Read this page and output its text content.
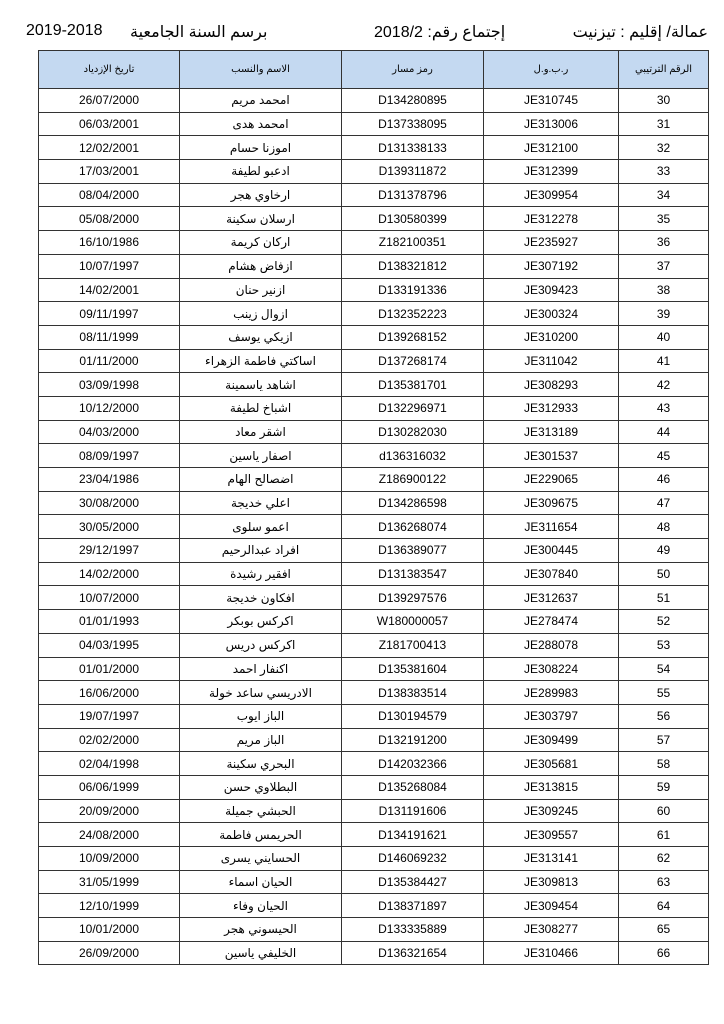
2019-2018 برسم السنة الجامعية	إجتماع رقم: 2018/2	عمالة/ إقليم : تيزنيت
تاريخ الإزدياد	الاسم والنسب	رمز مسار	ر.ب.و.ل	الرقم الترتيبي
26/07/2000	امحمد مريم	D134280895	JE310745	30
06/03/2001	امحمد هدى	D137338095	JE313006	31
12/02/2001	اموزنا حسام	D131338133	JE312100	32
17/03/2001	ادعبو لطيفة	D139311872	JE312399	33
08/04/2000	ارخاوي هجر	D131378796	JE309954	34
05/08/2000	ارسلان سكينة	D130580399	JE312278	35
16/10/1986	اركان كريمة	Z182100351	JE235927	36
10/07/1997	ازفاض هشام	D138321812	JE307192	37
14/02/2001	ازنير حنان	D133191336	JE309423	38
09/11/1997	ازوال زينب	D132352223	JE300324	39
08/11/1999	ازيكي يوسف	D139268152	JE310200	40
01/11/2000	اساكتي فاطمة الزهراء	D137268174	JE311042	41
03/09/1998	اشاهد ياسمينة	D135381701	JE308293	42
10/12/2000	اشباخ لطيفة	D132296971	JE312933	43
04/03/2000	اشقر معاد	D130282030	JE313189	44
08/09/1997	اصفار ياسين	d136316032	JE301537	45
23/04/1986	اضصالح الهام	Z186900122	JE229065	46
30/08/2000	اعلي خديجة	D134286598	JE309675	47
30/05/2000	اعمو سلوى	D136268074	JE311654	48
29/12/1997	افراد عبدالرحيم	D136389077	JE300445	49
14/02/2000	افقير رشيدة	D131383547	JE307840	50
10/07/2000	افكاون خديجة	D139297576	JE312637	51
01/01/1993	اكركس بوبكر	W180000057	JE278474	52
04/03/1995	اكركس دريس	Z181700413	JE288078	53
01/01/2000	اكنفار احمد	D135381604	JE308224	54
16/06/2000	الادريسي ساعد خولة	D138383514	JE289983	55
19/07/1997	الباز ايوب	D130194579	JE303797	56
02/02/2000	الباز مريم	D132191200	JE309499	57
02/04/1998	البحري سكينة	D142032366	JE305681	58
06/06/1999	البطلاوي حسن	D135268084	JE313815	59
20/09/2000	الحبشي جميلة	D131191606	JE309245	60
24/08/2000	الحريمس فاطمة	D134191621	JE309557	61
10/09/2000	الحسايني يسرى	D146069232	JE313141	62
31/05/1999	الحيان اسماء	D135384427	JE309813	63
12/10/1999	الحيان وفاء	D138371897	JE309454	64
10/01/2000	الحيسوني هجر	D133335889	JE308277	65
26/09/2000	الخليفي ياسين	D136321654	JE310466	66
